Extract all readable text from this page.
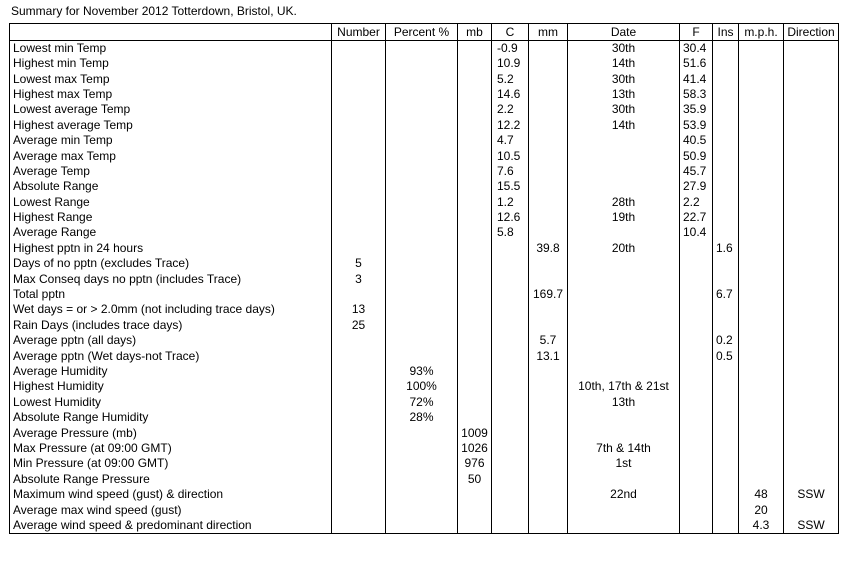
Summary for November 2012 Totterdown, Bristol, UK.
	Number	Percent %	mb	C	mm	Date	F	Ins	m.p.h.	Direction
Lowest min Temp				-0.9		30th	30.4			
Highest min Temp				10.9		14th	51.6			
Lowest max Temp				5.2		30th	41.4			
Highest max Temp				14.6		13th	58.3			
Lowest average Temp				2.2		30th	35.9			
Highest average Temp				12.2		14th	53.9			
Average min Temp				4.7			40.5			
Average max Temp				10.5			50.9			
Average Temp				7.6			45.7			
Absolute Range				15.5			27.9			
Lowest Range				1.2		28th	2.2			
Highest Range				12.6		19th	22.7			
Average Range				5.8			10.4			
Highest pptn in 24 hours					39.8	20th		1.6		
Days of no pptn (excludes Trace)	5									
Max Conseq days no pptn (includes Trace)	3									
Total pptn					169.7			6.7		
Wet days = or > 2.0mm (not including trace days)	13									
Rain Days (includes trace days)	25									
Average pptn (all days)					5.7			0.2		
Average pptn (Wet days-not Trace)					13.1			0.5		
Average Humidity		93%								
Highest Humidity		100%				10th, 17th & 21st				
Lowest Humidity		72%				13th				
Absolute Range Humidity		28%								
Average Pressure (mb)			1009							
Max Pressure (at 09:00 GMT)			1026			7th & 14th				
Min Pressure (at 09:00 GMT)			976			1st				
Absolute Range Pressure			50							
Maximum wind speed (gust) & direction						22nd			48	SSW
Average max wind speed (gust)									20	
Average wind speed & predominant direction									4.3	SSW
